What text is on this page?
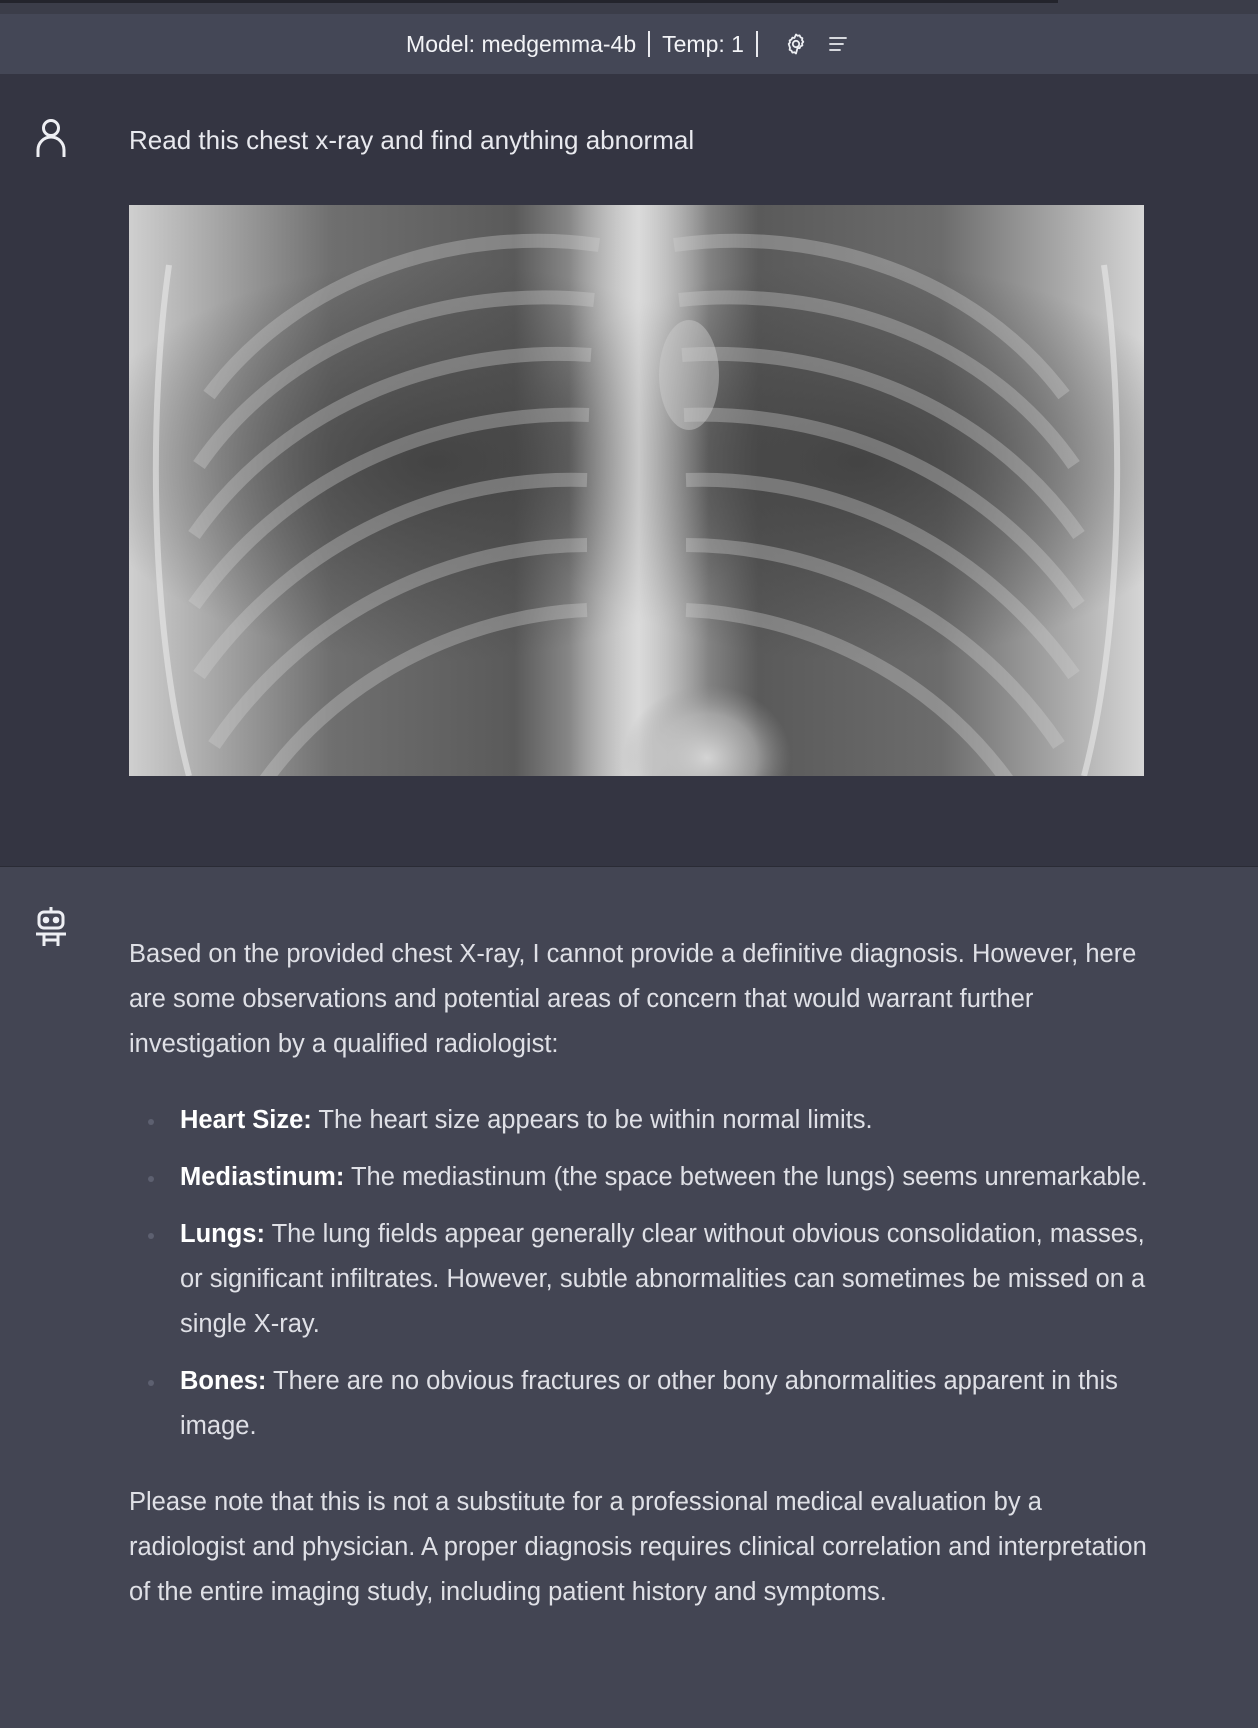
Model: medgemma-4b Temp: 1
Read this chest x-ray and find anything abnormal

Based on the provided chest X-ray, I cannot provide a definitive diagnosis. However, here are some observations and potential areas of concern that would warrant further investigation by a qualified radiologist:

Heart Size: The heart size appears to be within normal limits.
Mediastinum: The mediastinum (the space between the lungs) seems unremarkable.
Lungs: The lung fields appear generally clear without obvious consolidation, masses, or significant infiltrates. However, subtle abnormalities can sometimes be missed on a single X-ray.
Bones: There are no obvious fractures or other bony abnormalities apparent in this image.

Please note that this is not a substitute for a professional medical evaluation by a radiologist and physician. A proper diagnosis requires clinical correlation and interpretation of the entire imaging study, including patient history and symptoms.
